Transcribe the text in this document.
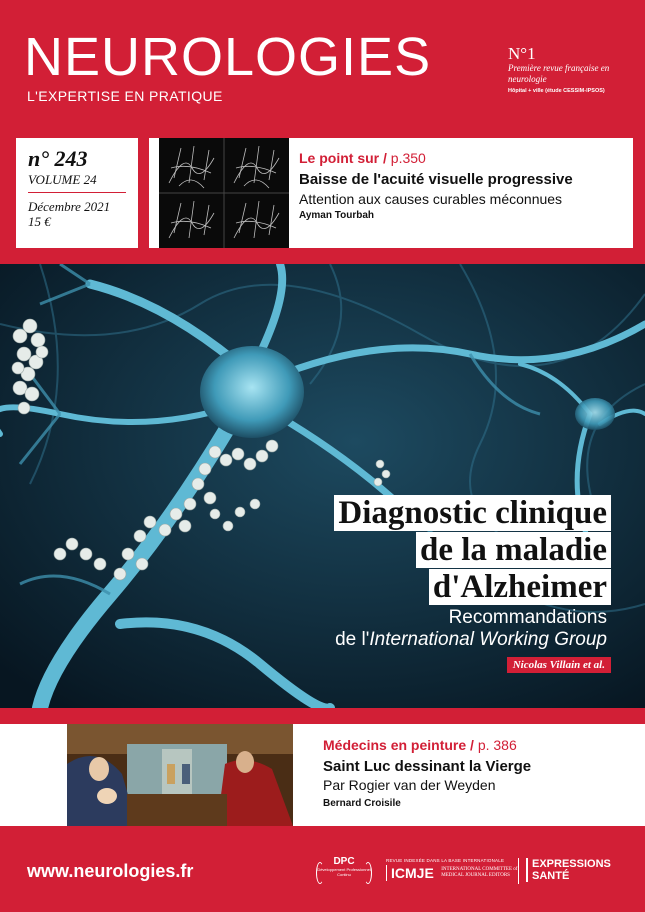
NEUROLOGIES
L'EXPERTISE EN PRATIQUE
N°1
Première revue française en neurologie
Hôpital + ville (étude CESSIM-IPSOS)
n° 243
VOLUME 24
Décembre 2021
15 €
Le point sur / p.350
Baisse de l'acuité visuelle progressive
Attention aux causes curables méconnues
Ayman Tourbah
Diagnostic clinique
de la maladie
d'Alzheimer
Recommandations
de l'International Working Group
Nicolas Villain et al.
Médecins en peinture / p. 386
Saint Luc dessinant la Vierge
Par Rogier van der Weyden
Bernard Croisile
www.neurologies.fr	DPC
Développement Professionnel Continu
REVUE INDEXÉE DANS LA BASE INTERNATIONALE
ICMJE INTERNATIONAL COMMITTEE of MEDICAL JOURNAL EDITORS
EXPRESSIONS SANTÉ
